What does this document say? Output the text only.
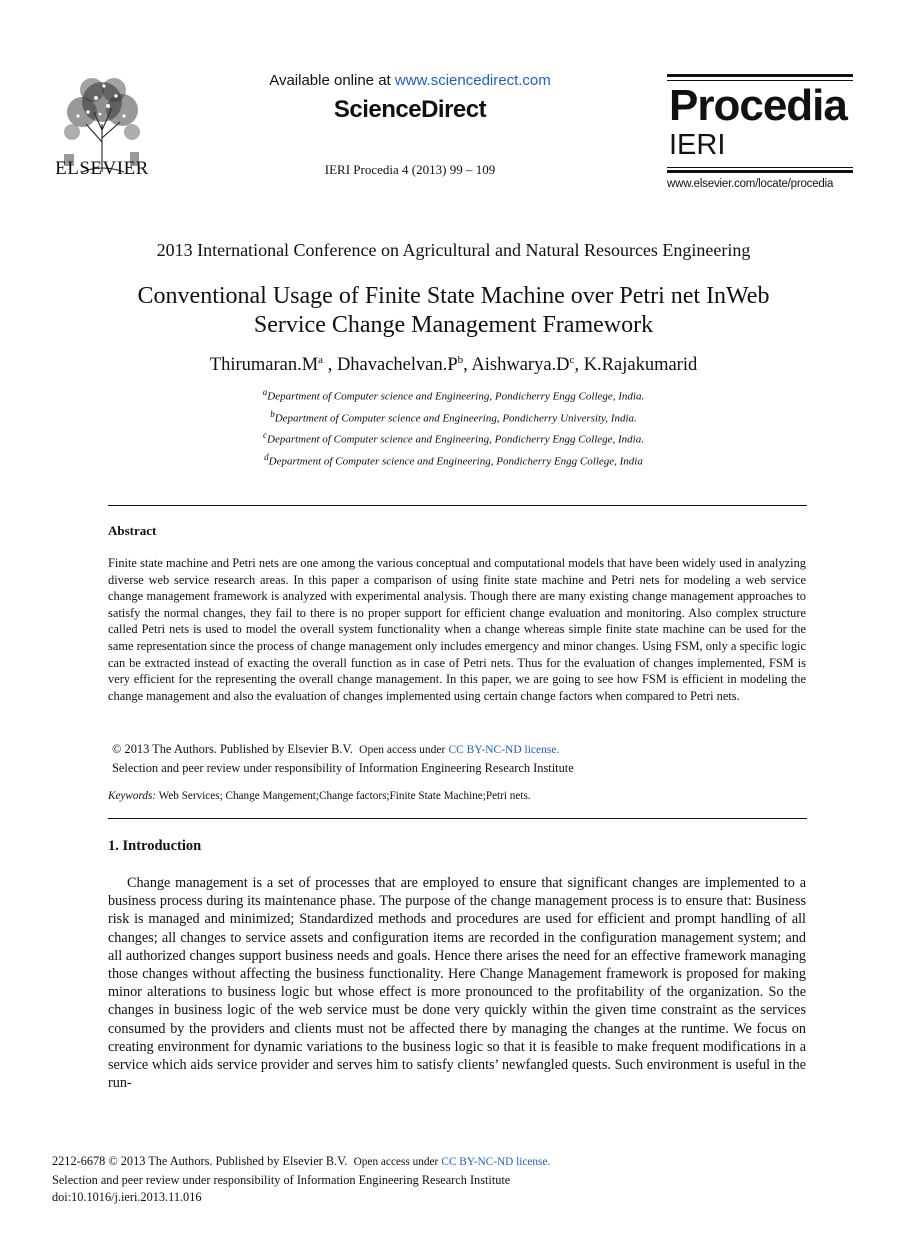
ELSEVIER
Available online at www.sciencedirect.com
ScienceDirect
IERI Procedia 4 (2013) 99 – 109
Procedia
IERI
www.elsevier.com/locate/procedia
2013 International Conference on Agricultural and Natural Resources Engineering
Conventional Usage of Finite State Machine over Petri net InWeb
Service Change Management Framework
$Thirumaran.M^a$ , $Dhavachelvan.P^b$, $Aishwarya.D^c$, K.Rajakumarid
$^a$Department of Computer science and Engineering, Pondicherry Engg College, India.
$^b$Department of Computer science and Engineering, Pondicherry University, India.
$^c$Department of Computer science and Engineering, Pondicherry Engg College, India.
$^d$Department of Computer science and Engineering, Pondicherry Engg College, India
Abstract
Finite state machine and Petri nets are one among the various conceptual and computational models that have been widely used in analyzing diverse web service research areas. In this paper a comparison of using finite state machine and Petri nets for modeling a web service change management framework is analyzed with experimental analysis. Though there are many existing change management approaches to satisfy the normal changes, they fail to there is no proper support for efficient change evaluation and monitoring. Also complex structure called Petri nets is used to model the overall system functionality when a change whereas simple finite state machine can be used for the same representation since the process of change management only includes emergency and minor changes. Using FSM, only a specific logic can be extracted instead of exacting the overall function as in case of Petri nets. Thus for the evaluation of changes implemented, FSM is very efficient for the representing the overall change management. In this paper, we are going to see how FSM is efficient in modeling the change management and also the evaluation of changes implemented using certain change factors when compared to Petri nets.
© 2013 The Authors. Published by Elsevier B.V. Open access under CC BY-NC-ND license.
Selection and peer review under responsibility of Information Engineering Research Institute
Keywords: Web Services; Change Mangement;Change factors;Finite State Machine;Petri nets.
1. Introduction
Change management is a set of processes that are employed to ensure that significant changes are implemented to a business process during its maintenance phase. The purpose of the change management process is to ensure that: Business risk is managed and minimized; Standardized methods and procedures are used for efficient and prompt handling of all changes; all changes to service assets and configuration items are recorded in the configuration management system; and all authorized changes support business needs and goals. Hence there arises the need for an effective framework managing those changes without affecting the business functionality. Here Change Management framework is proposed for making minor alterations to business logic but whose effect is more pronounced to the profitability of the organization. So the changes in business logic of the web service must be done very quickly within the given time constraint as the services consumed by the providers and clients must not be affected there by managing the changes at the runtime. We focus on creating environment for dynamic variations to the business logic so that it is feasible to make frequent modifications in a service which aids service provider and serves him to satisfy clients’ newfangled quests. Such environment is useful in the run-
2212-6678 © 2013 The Authors. Published by Elsevier B.V. Open access under CC BY-NC-ND license.
Selection and peer review under responsibility of Information Engineering Research Institute
doi:10.1016/j.ieri.2013.11.016
